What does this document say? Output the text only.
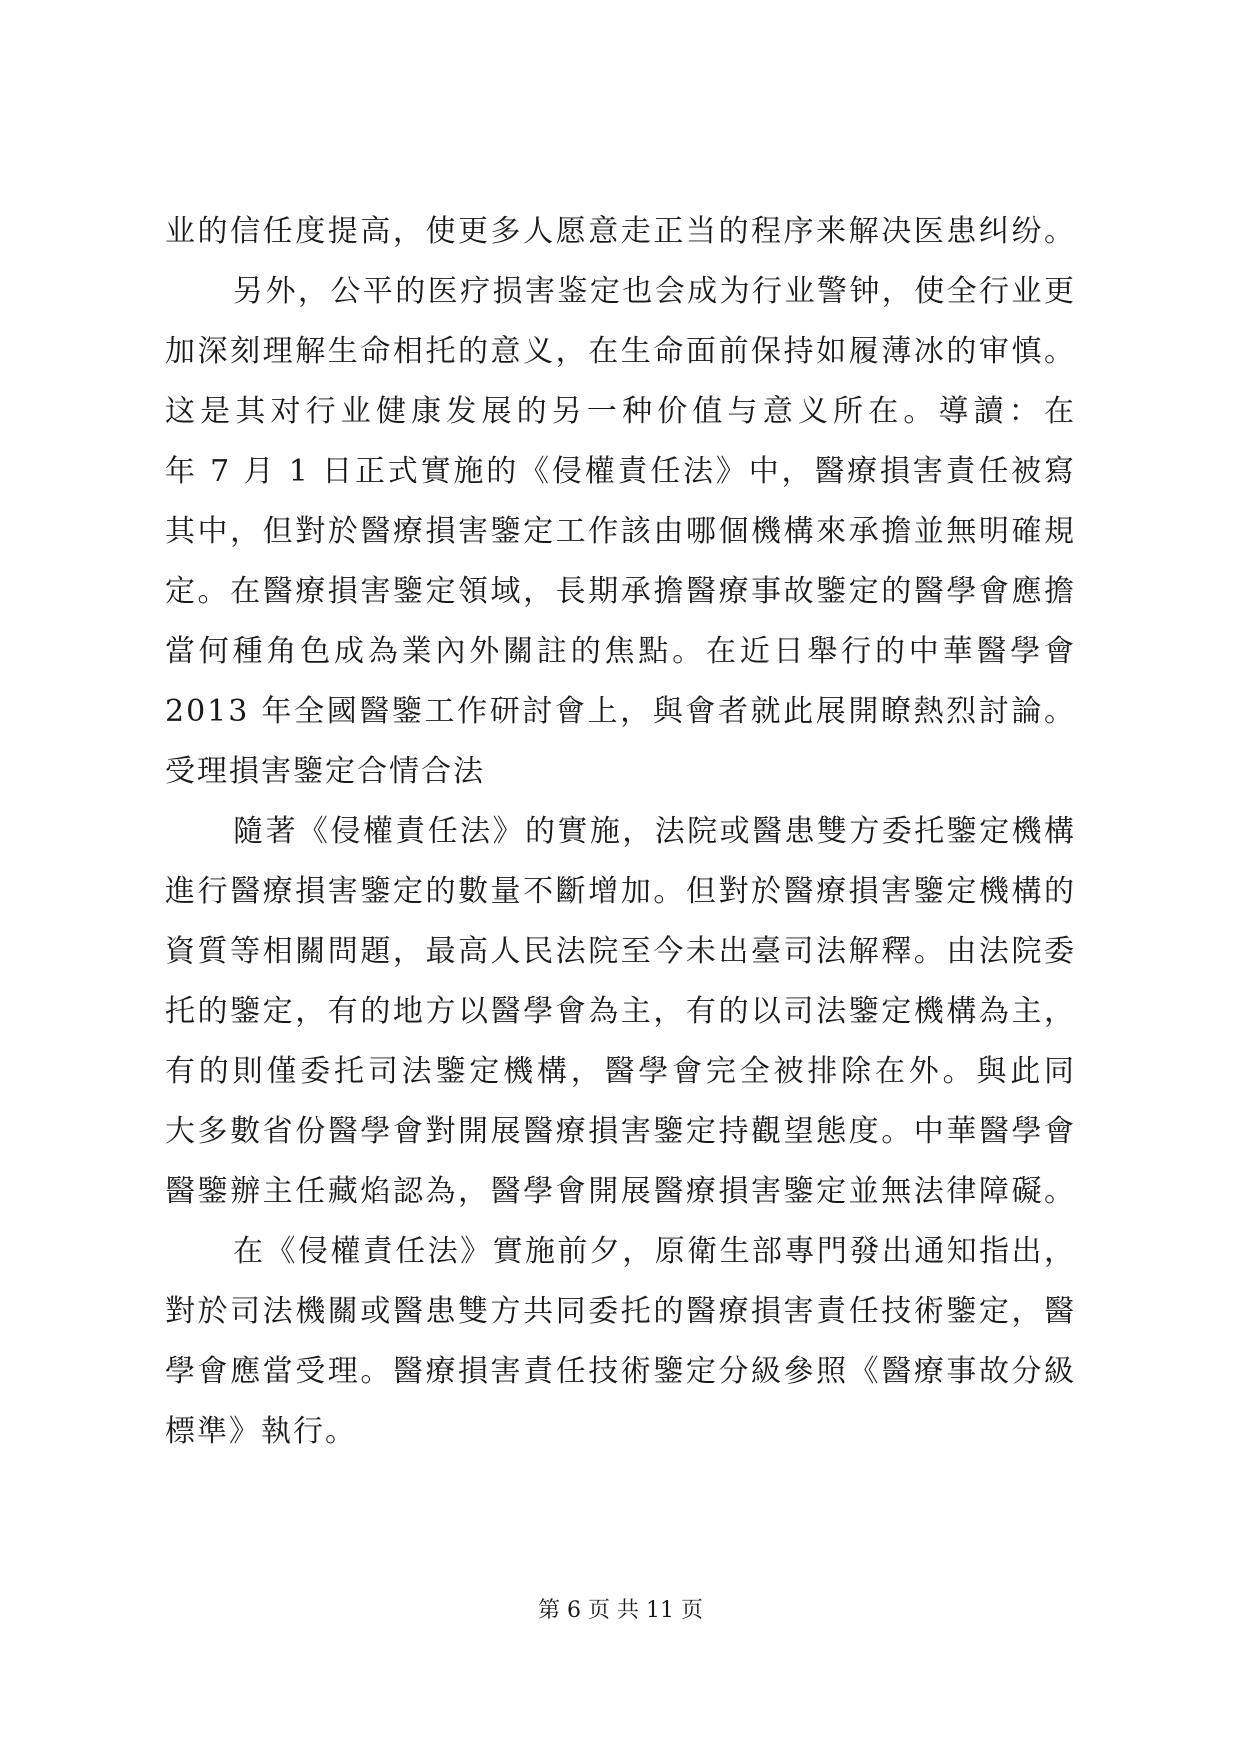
业的信任度提高，使更多人愿意走正当的程序来解决医患纠纷。
另外，公平的医疗损害鉴定也会成为行业警钟，使全行业更
加深刻理解生命相托的意义，在生命面前保持如履薄冰的审慎。
这是其对行业健康发展的另一种价值与意义所在。導讀：在
年 7 月 1 日正式實施的《侵權責任法》中，醫療損害責任被寫
其中，但對於醫療損害鑒定工作該由哪個機構來承擔並無明確規
定。在醫療損害鑒定領域，長期承擔醫療事故鑒定的醫學會應擔
當何種角色成為業內外關註的焦點。在近日舉行的中華醫學會
2013 年全國醫鑒工作研討會上，與會者就此展開瞭熱烈討論。
受理損害鑒定合情合法
隨著《侵權責任法》的實施，法院或醫患雙方委托鑒定機構
進行醫療損害鑒定的數量不斷增加。但對於醫療損害鑒定機構的
資質等相關問題，最高人民法院至今未出臺司法解釋。由法院委
托的鑒定，有的地方以醫學會為主，有的以司法鑒定機構為主，
有的則僅委托司法鑒定機構，醫學會完全被排除在外。與此同
大多數省份醫學會對開展醫療損害鑒定持觀望態度。中華醫學會
醫鑒辦主任藏焰認為，醫學會開展醫療損害鑒定並無法律障礙。
在《侵權責任法》實施前夕，原衛生部專門發出通知指出，
對於司法機關或醫患雙方共同委托的醫療損害責任技術鑒定，醫
學會應當受理。醫療損害責任技術鑒定分級參照《醫療事故分級
標準》執行。
第 6 页 共 11 页
